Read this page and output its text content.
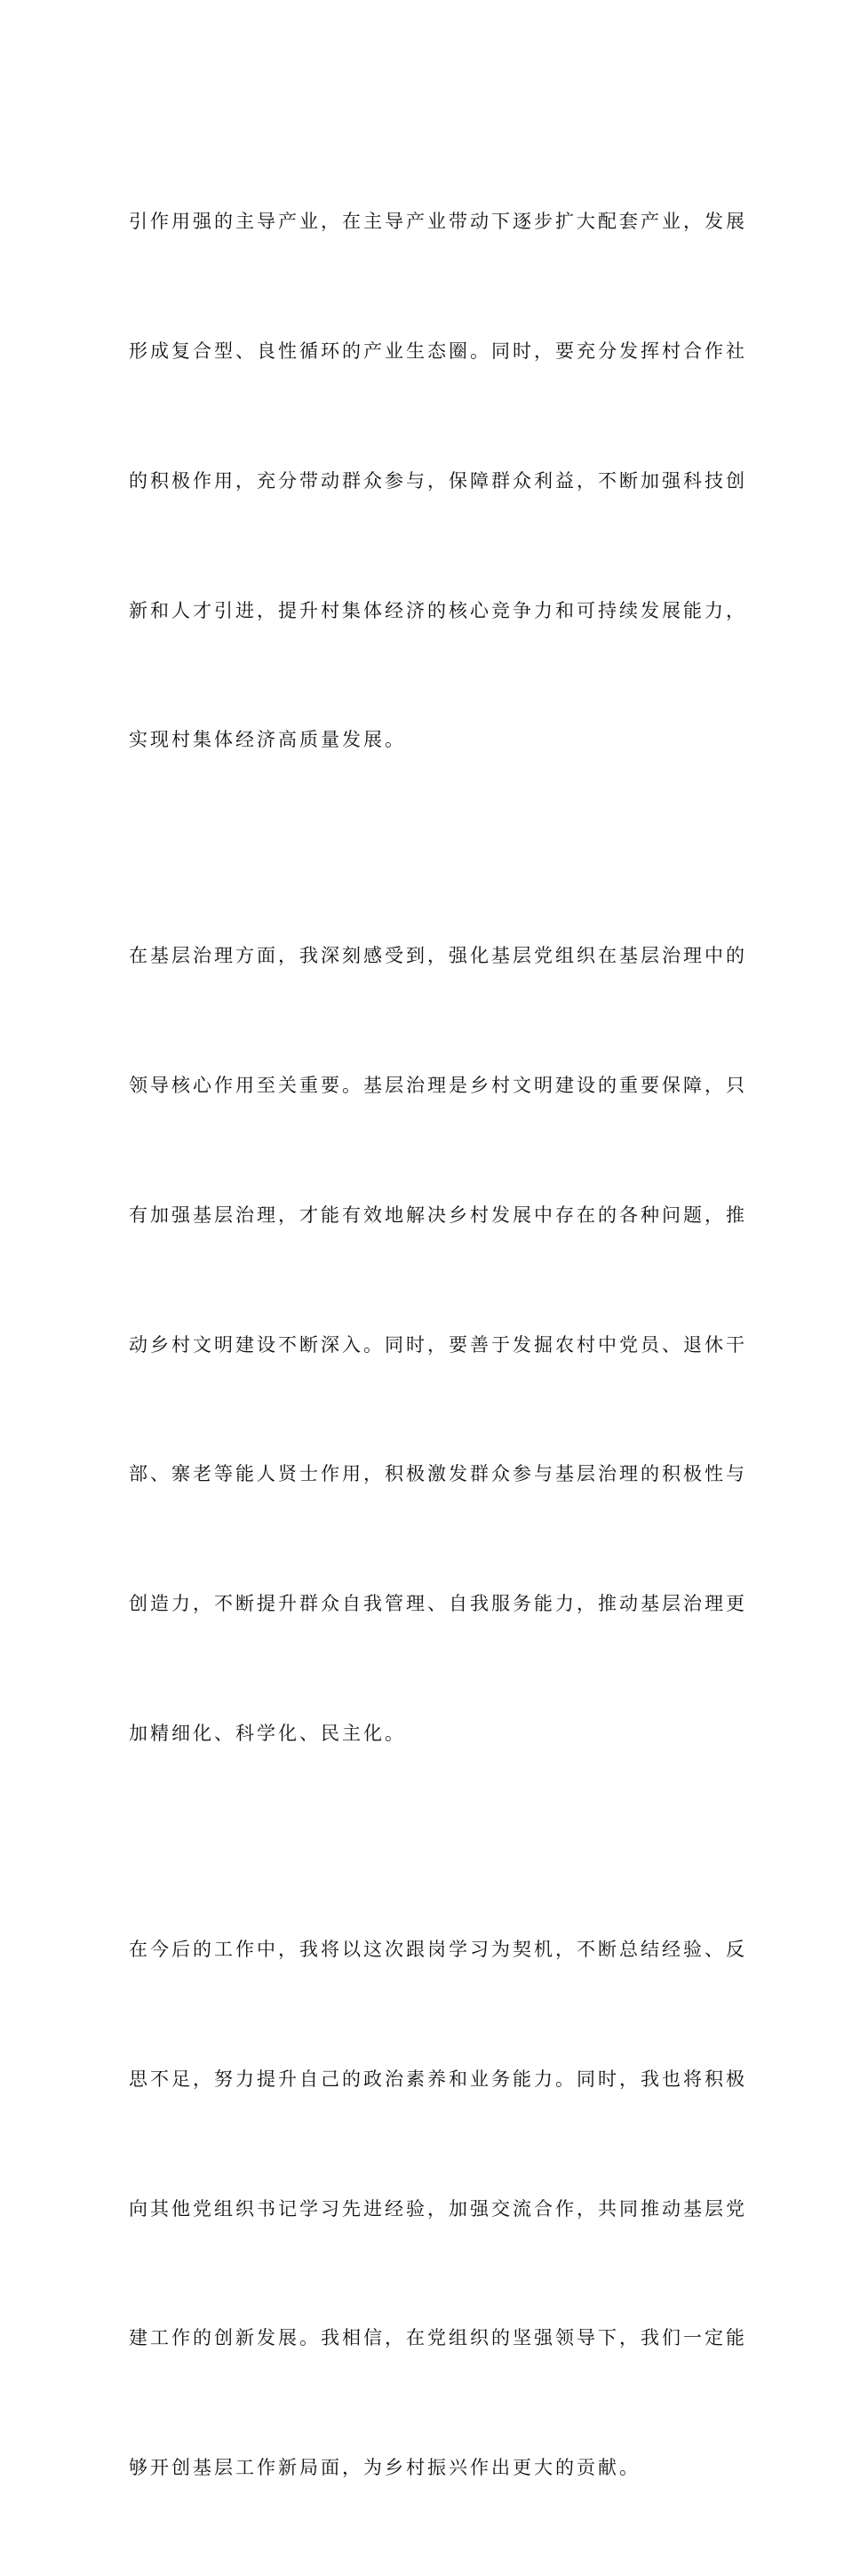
引作用强的主导产业，在主导产业带动下逐步扩大配套产业，发展

形成复合型、良性循环的产业生态圈。同时，要充分发挥村合作社

的积极作用，充分带动群众参与，保障群众利益，不断加强科技创

新和人才引进，提升村集体经济的核心竞争力和可持续发展能力，

实现村集体经济高质量发展。

在基层治理方面，我深刻感受到，强化基层党组织在基层治理中的

领导核心作用至关重要。基层治理是乡村文明建设的重要保障，只

有加强基层治理，才能有效地解决乡村发展中存在的各种问题，推

动乡村文明建设不断深入。同时，要善于发掘农村中党员、退休干

部、寨老等能人贤士作用，积极激发群众参与基层治理的积极性与

创造力，不断提升群众自我管理、自我服务能力，推动基层治理更

加精细化、科学化、民主化。

在今后的工作中，我将以这次跟岗学习为契机，不断总结经验、反

思不足，努力提升自己的政治素养和业务能力。同时，我也将积极

向其他党组织书记学习先进经验，加强交流合作，共同推动基层党

建工作的创新发展。我相信，在党组织的坚强领导下，我们一定能

够开创基层工作新局面，为乡村振兴作出更大的贡献。
